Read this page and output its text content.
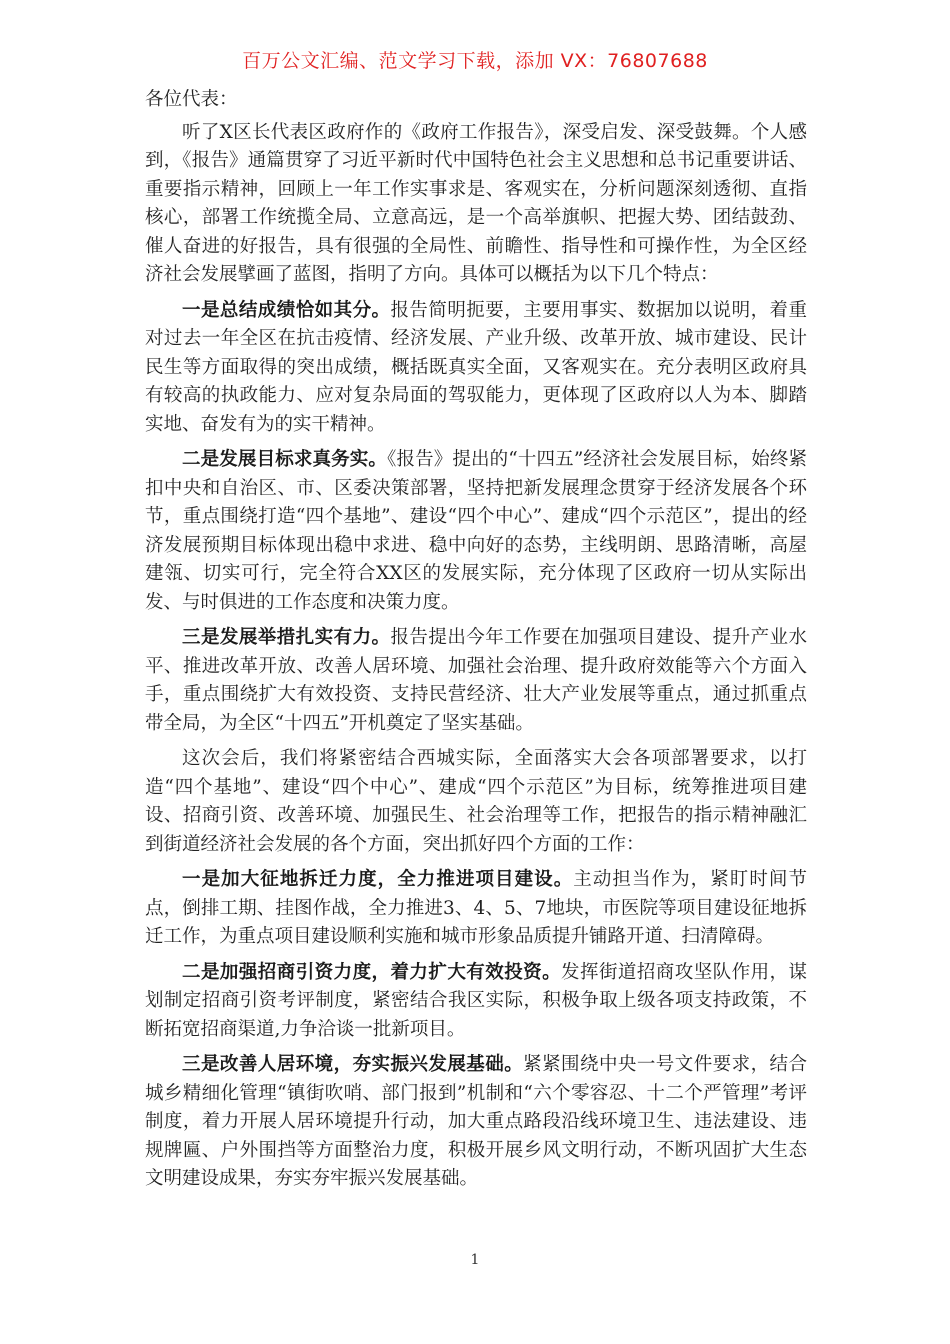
百万公文汇编、范文学习下载，添加 VX：76807688

各位代表：

听了X区长代表区政府作的《政府工作报告》，深受启发、深受鼓舞。个人感到，《报告》通篇贯穿了习近平新时代中国特色社会主义思想和总书记重要讲话、重要指示精神，回顾上一年工作实事求是、客观实在，分析问题深刻透彻、直指核心，部署工作统揽全局、立意高远，是一个高举旗帜、把握大势、团结鼓劲、催人奋进的好报告，具有很强的全局性、前瞻性、指导性和可操作性，为全区经济社会发展擘画了蓝图，指明了方向。具体可以概括为以下几个特点：

一是总结成绩恰如其分。报告简明扼要，主要用事实、数据加以说明，着重对过去一年全区在抗击疫情、经济发展、产业升级、改革开放、城市建设、民计民生等方面取得的突出成绩，概括既真实全面，又客观实在。充分表明区政府具有较高的执政能力、应对复杂局面的驾驭能力，更体现了区政府以人为本、脚踏实地、奋发有为的实干精神。

二是发展目标求真务实。《报告》提出的“十四五”经济社会发展目标，始终紧扣中央和自治区、市、区委决策部署，坚持把新发展理念贯穿于经济发展各个环节，重点围绕打造“四个基地”、建设“四个中心”、建成“四个示范区”，提出的经济发展预期目标体现出稳中求进、稳中向好的态势，主线明朗、思路清晰，高屋建瓴、切实可行，完全符合XX区的发展实际，充分体现了区政府一切从实际出发、与时俱进的工作态度和决策力度。

三是发展举措扎实有力。报告提出今年工作要在加强项目建设、提升产业水平、推进改革开放、改善人居环境、加强社会治理、提升政府效能等六个方面入手，重点围绕扩大有效投资、支持民营经济、壮大产业发展等重点，通过抓重点带全局，为全区“十四五”开机奠定了坚实基础。

这次会后，我们将紧密结合西城实际，全面落实大会各项部署要求，以打造“四个基地”、建设“四个中心”、建成“四个示范区”为目标，统筹推进项目建设、招商引资、改善环境、加强民生、社会治理等工作，把报告的指示精神融汇到街道经济社会发展的各个方面，突出抓好四个方面的工作：

一是加大征地拆迁力度，全力推进项目建设。主动担当作为，紧盯时间节点，倒排工期、挂图作战，全力推进3、4、5、7地块，市医院等项目建设征地拆迁工作，为重点项目建设顺利实施和城市形象品质提升铺路开道、扫清障碍。

二是加强招商引资力度，着力扩大有效投资。发挥街道招商攻坚队作用，谋划制定招商引资考评制度，紧密结合我区实际，积极争取上级各项支持政策，不断拓宽招商渠道,力争洽谈一批新项目。

三是改善人居环境，夯实振兴发展基础。紧紧围绕中央一号文件要求，结合城乡精细化管理“镇街吹哨、部门报到”机制和“六个零容忍、十二个严管理”考评制度，着力开展人居环境提升行动，加大重点路段沿线环境卫生、违法建设、违规牌匾、户外围挡等方面整治力度，积极开展乡风文明行动，不断巩固扩大生态文明建设成果，夯实夯牢振兴发展基础。

1
